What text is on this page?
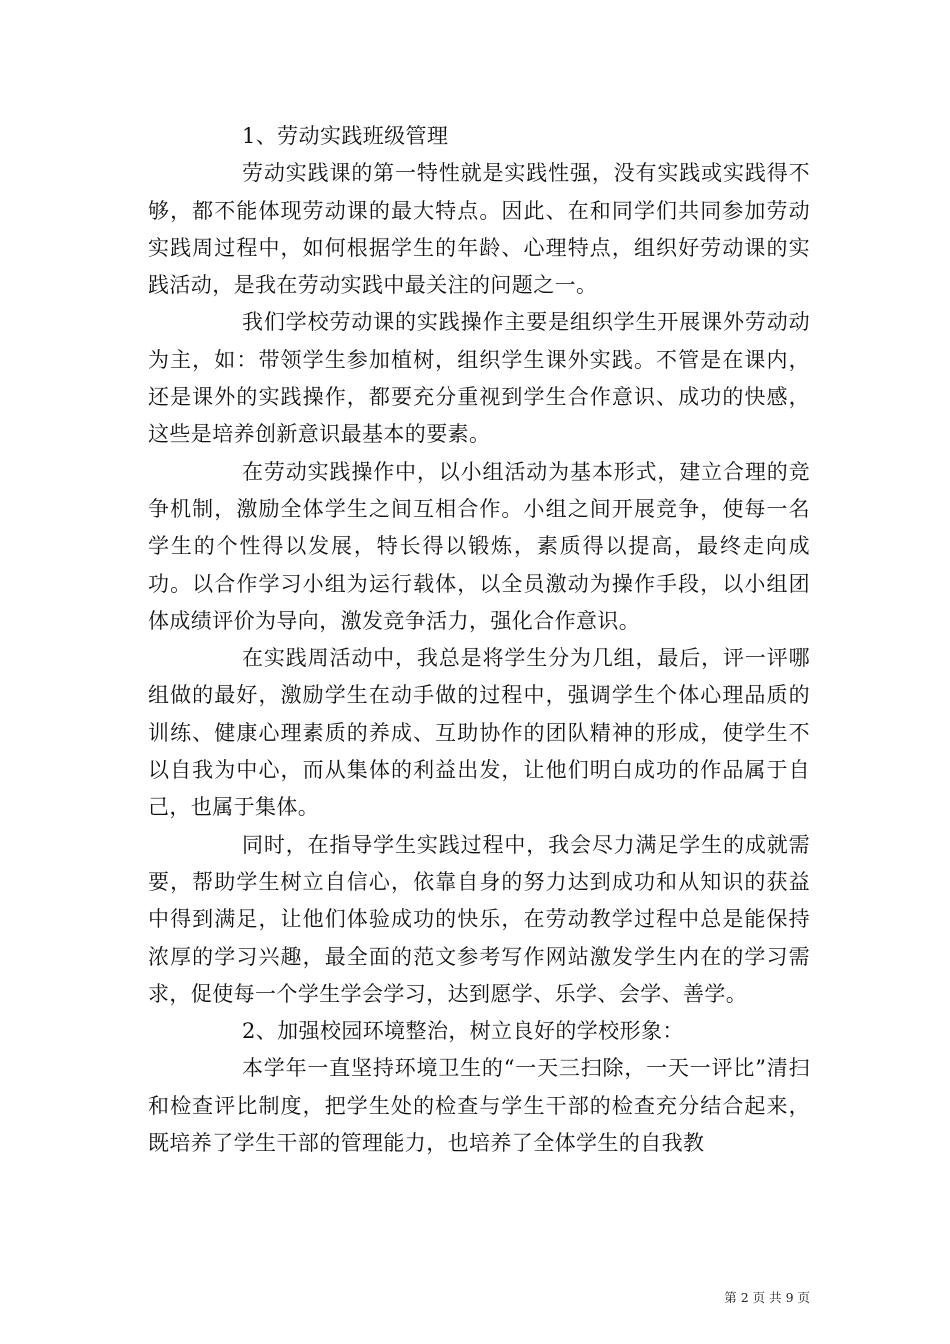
1、劳动实践班级管理

劳动实践课的第一特性就是实践性强，没有实践或实践得不够，都不能体现劳动课的最大特点。因此、在和同学们共同参加劳动实践周过程中，如何根据学生的年龄、心理特点，组织好劳动课的实践活动，是我在劳动实践中最关注的问题之一。

我们学校劳动课的实践操作主要是组织学生开展课外劳动动为主，如：带领学生参加植树，组织学生课外实践。不管是在课内，还是课外的实践操作，都要充分重视到学生合作意识、成功的快感，这些是培养创新意识最基本的要素。

在劳动实践操作中，以小组活动为基本形式，建立合理的竞争机制，激励全体学生之间互相合作。小组之间开展竞争，使每一名学生的个性得以发展，特长得以锻炼，素质得以提高，最终走向成功。以合作学习小组为运行载体，以全员激动为操作手段，以小组团体成绩评价为导向，激发竞争活力，强化合作意识。

在实践周活动中，我总是将学生分为几组，最后，评一评哪组做的最好，激励学生在动手做的过程中，强调学生个体心理品质的训练、健康心理素质的养成、互助协作的团队精神的形成，使学生不以自我为中心，而从集体的利益出发，让他们明白成功的作品属于自己，也属于集体。

同时，在指导学生实践过程中，我会尽力满足学生的成就需要，帮助学生树立自信心，依靠自身的努力达到成功和从知识的获益中得到满足，让他们体验成功的快乐，在劳动教学过程中总是能保持浓厚的学习兴趣，最全面的范文参考写作网站激发学生内在的学习需求，促使每一个学生学会学习，达到愿学、乐学、会学、善学。

2、加强校园环境整治，树立良好的学校形象：

本学年一直坚持环境卫生的“一天三扫除，一天一评比”清扫和检查评比制度，把学生处的检查与学生干部的检查充分结合起来，既培养了学生干部的管理能力，也培养了全体学生的自我教

第 2 页 共 9 页
